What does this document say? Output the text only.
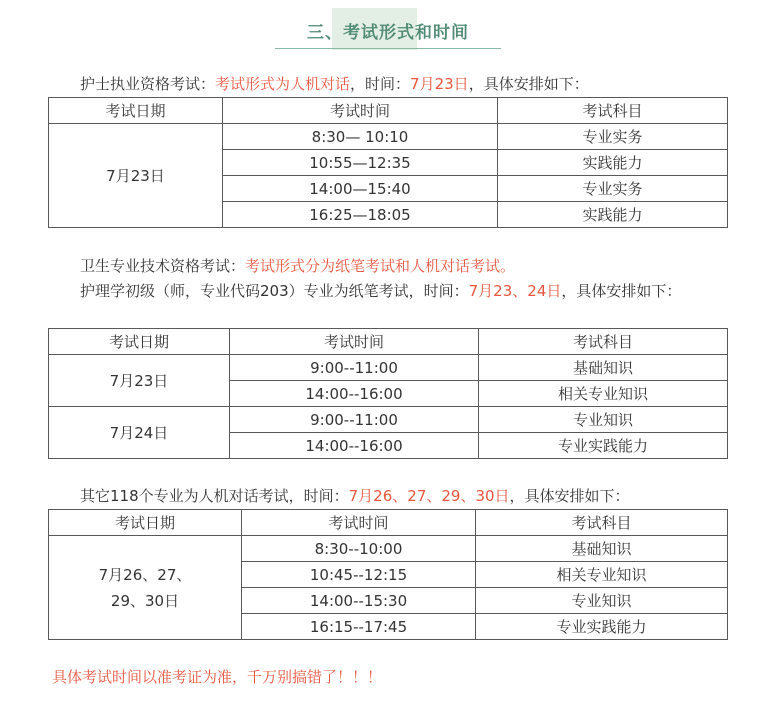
三、考试形式和时间

护士执业资格考试：考试形式为人机对话，时间：7月23日，具体安排如下：

考试日期	考试时间	考试科目
7月23日	8:30— 10:10	专业实务
	10:55—12:35	实践能力
	14:00—15:40	专业实务
	16:25—18:05	实践能力

卫生专业技术资格考试：考试形式分为纸笔考试和人机对话考试。

护理学初级（师，专业代码203）专业为纸笔考试，时间：7月23、24日，具体安排如下：

考试日期	考试时间	考试科目
7月23日	9:00--11:00	基础知识
	14:00--16:00	相关专业知识
7月24日	9:00--11:00	专业知识
	14:00--16:00	专业实践能力

其它118个专业为人机对话考试，时间：7月26、27、29、30日，具体安排如下：

考试日期	考试时间	考试科目

7月26、27、
29、30日	8:30--10:00	基础知识
	10:45--12:15	相关专业知识
	14:00--15:30	专业知识
	16:15--17:45	专业实践能力
具体考试时间以准考证为准，千万别搞错了！！！
